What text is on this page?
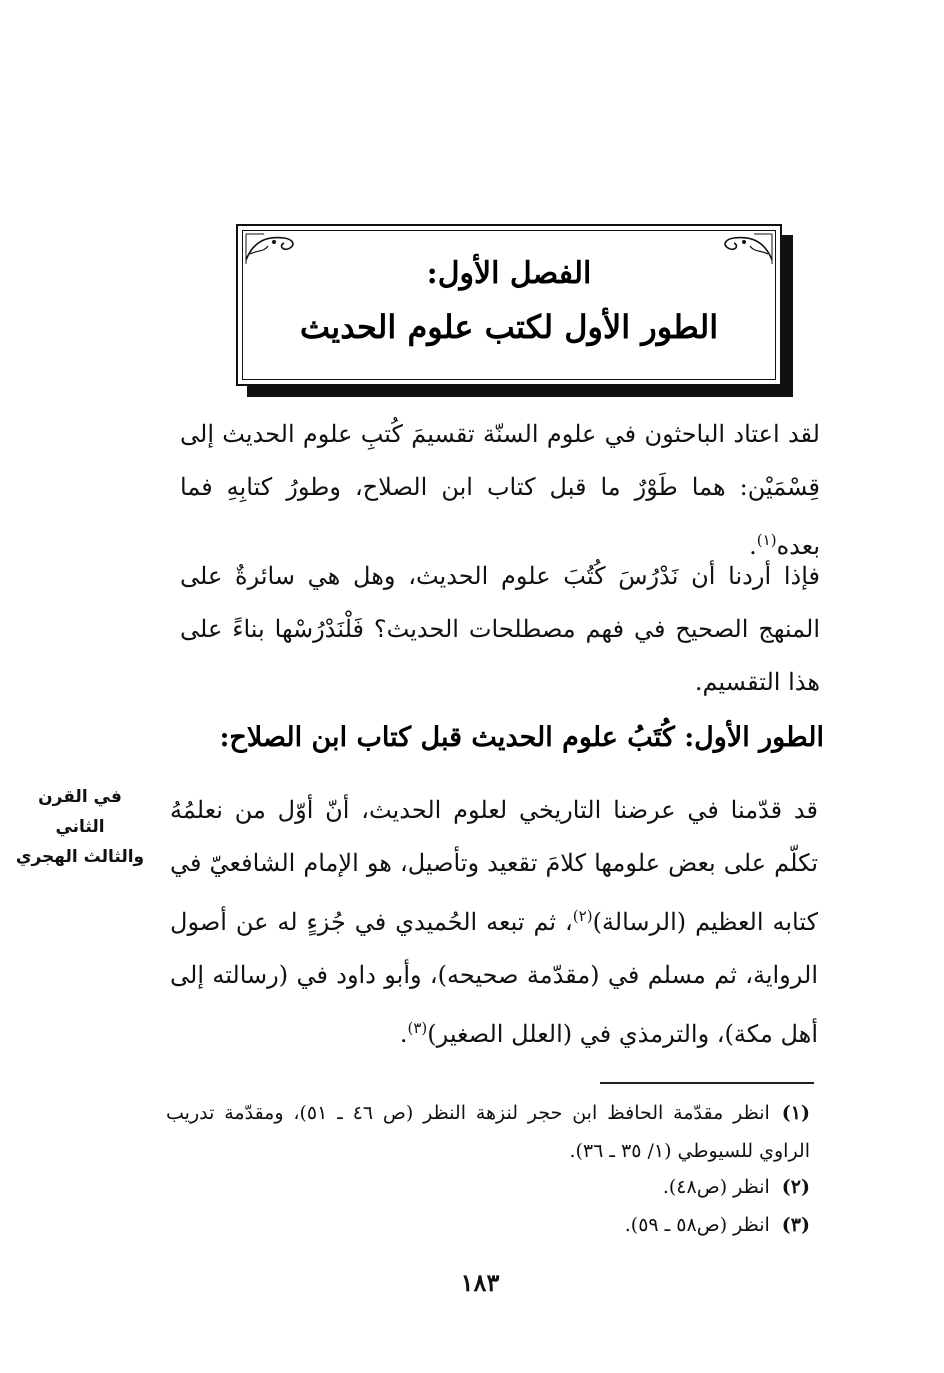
الفصل الأول:
الطور الأول لكتب علوم الحديث

لقد اعتاد الباحثون في علوم السنّة تقسيمَ كُتبِ علوم الحديث إلى قِسْمَيْن: هما طَوْرٌ ما قبل كتاب ابن الصلاح، وطورُ كتابِهِ فما بعده$^{(١)}$.

فإذا أردنا أن نَدْرُسَ كُتُبَ علوم الحديث، وهل هي سائرةٌ على المنهج الصحيح في فهم مصطلحات الحديث؟ فَلْنَدْرُسْها بناءً على هذا التقسيم.

الطور الأول: كُتَبُ علوم الحديث قبل كتاب ابن الصلاح:
في القرن الثاني
والثالث الهجري

قد قدّمنا في عرضنا التاريخي لعلوم الحديث، أنّ أوّل من نعلمُهُ تكلّم على بعض علومها كلامَ تقعيد وتأصيل، هو الإمام الشافعيّ في كتابه العظيم (الرسالة)$^{(٢)}$، ثم تبعه الحُميدي في جُزءٍ له عن أصول الرواية، ثم مسلم في (مقدّمة صحيحه)، وأبو داود في (رسالته إلى أهل مكة)، والترمذي في (العلل الصغير)$^{(٣)}$.

(١)انظر مقدّمة الحافظ ابن حجر لنزهة النظر (ص ٤٦ ـ ٥١)، ومقدّمة تدريب الراوي للسيوطي (١/ ٣٥ ـ ٣٦).
(٢)انظر (ص٤٨).
(٣)انظر (ص٥٨ ـ ٥٩).
١٨٣
